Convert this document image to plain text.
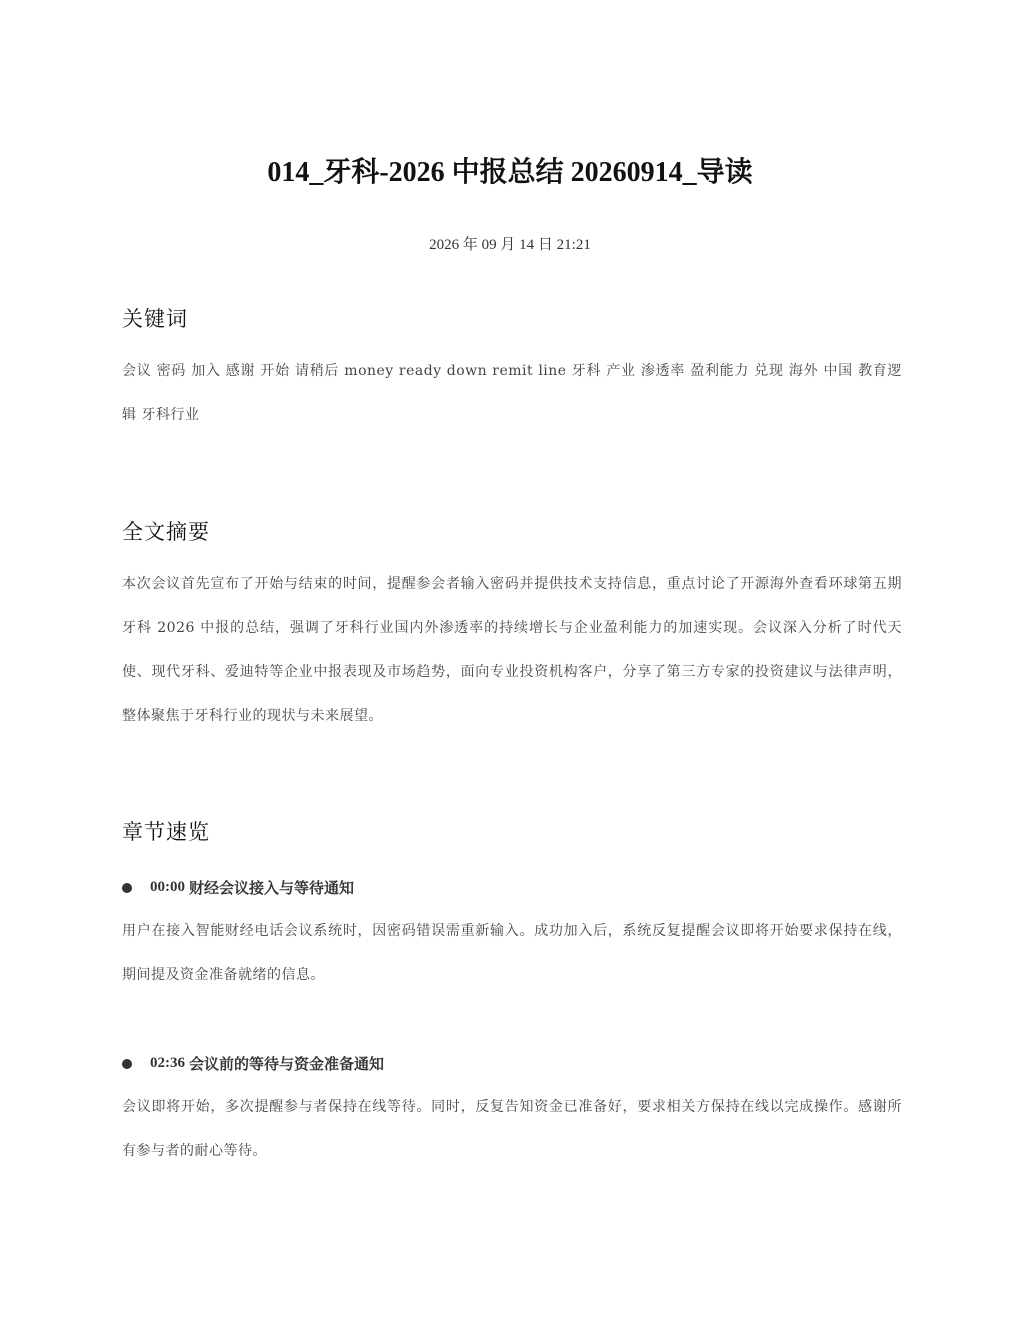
014_牙科-2026 中报总结 20260914_导读
2026 年 09 月 14 日 21:21
关键词

会议 密码 加入 感谢 开始 请稍后 money ready down remit line 牙科 产业 渗透率 盈利能力 兑现 海外 中国 教育逻辑 牙科行业

全文摘要

本次会议首先宣布了开始与结束的时间，提醒参会者输入密码并提供技术支持信息，重点讨论了开源海外查看环球第五期牙科 2026 中报的总结，强调了牙科行业国内外渗透率的持续增长与企业盈利能力的加速实现。会议深入分析了时代天使、现代牙科、爱迪特等企业中报表现及市场趋势，面向专业投资机构客户，分享了第三方专家的投资建议与法律声明，整体聚焦于牙科行业的现状与未来展望。

章节速览
00:00 财经会议接入与等待通知

用户在接入智能财经电话会议系统时，因密码错误需重新输入。成功加入后，系统反复提醒会议即将开始要求保持在线，期间提及资金准备就绪的信息。

02:36 会议前的等待与资金准备通知

会议即将开始，多次提醒参与者保持在线等待。同时，反复告知资金已准备好，要求相关方保持在线以完成操作。感谢所有参与者的耐心等待。
